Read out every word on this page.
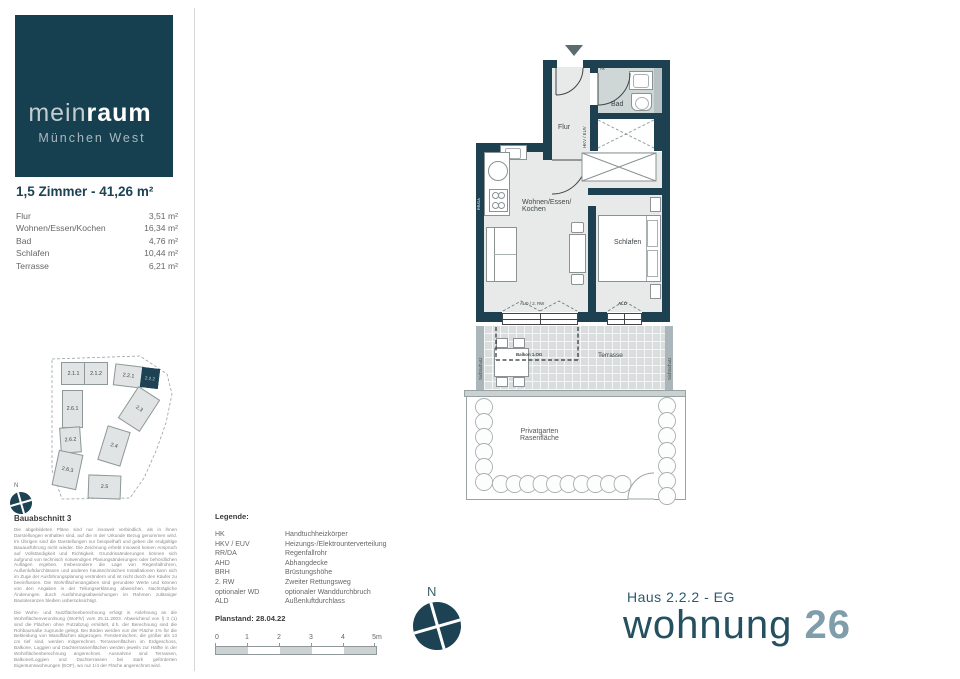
meinraum
München West
1,5 Zimmer - 41,26 m²
Flur	3,51 m²
Wohnen/Essen/Kochen	16,34 m²
Bad	4,76 m²
Schlafen	10,44 m²
Terrasse	6,21 m²
2.1.1 2.1.2	2.2.1 2.2.2
2.3
2.6.1
2.6.2
2.4
2.6.3
2.5
N
Bauabschnitt 3

Die abgebildeten Pläne sind nur insoweit verbindlich, als in ihnen Darstellungen enthalten sind, auf die in der Urkunde Bezug genommen wird. Im Übrigen sind die Darstellungen nur beispielhaft und geben die endgültige Bauausführung nicht wieder. Die Zeichnung erhebt insoweit keinen Anspruch auf Vollständigkeit und Richtigkeit. Grundrissänderungen können sich aufgrund von technisch notwendigen Planungsänderungen oder behördlichen Auflagen ergeben. Insbesondere die Lage von Regenfallrohren, Außenluftdurchlässen und anderen haustechnischen Installationen kann sich im Zuge der Ausführungsplanung verändern und ist nicht durch den Käufer zu beeinflussen. Die Wohnflächenangaben sind gerundete Werte und können von den Angaben in der Teilungserklärung abweichen. Nachträgliche Änderungen durch Ausführungsabweichungen im Rahmen zulässiger Bautoleranzen bleiben unberücksichtigt.

Die Wohn- und Nutzflächenberechnung erfolgt in Anlehnung an die Wohnflächenverordnung (WoFlV) vom 25.11.2003. Abweichend von § 3 (1) sind die Flächen ohne Putzabzug ermittelt, d.h. der Berechnung sind die Rohbaumaße zugrunde gelegt. Bei Böden werden von der Fläche 1% für die Bekleidung von Wandflächen abgezogen. Fensternischen, die größer als 13 cm tief sind, werden mitgerechnet. Terrassenflächen im Erdgeschoss, Balkone, Loggien und Dachterrassenflächen werden jeweils zur Hälfte in der Wohnflächenberechnung angerechnet. Ausnahme sind Terrassen, Balkone/Loggien und Dachterrassen bei stark geförderten Eigentumswohnungen (EOF), wo nur 1/4 der Fläche angerechnet wird.

Legende:
HK	Handtuchheizkörper
HKV / EUV	Heizungs-/Elektrounterverteilung
RR/DA	Regenfallrohr
AHD	Abhangdecke
BRH	Brüstungshöhe
2. RW	Zweiter Rettungsweg
optionaler WD	optionaler Wanddurchbruch
ALD	Außenluftdurchlass
Planstand: 28.04.22
0	1	2	3	4	5m
N	Haus 2.2.2 - EG
wohnung 26
RR/DA
HK
Sichtschutz	Sichtschutz
Terrasse
Balkon 1.OG
Privatgarten
Rasenfläche
Flur
Bad
Wohnen/Essen/
Kochen
Schlafen
HKV / EUV
ALD / 2. RW	ALD
